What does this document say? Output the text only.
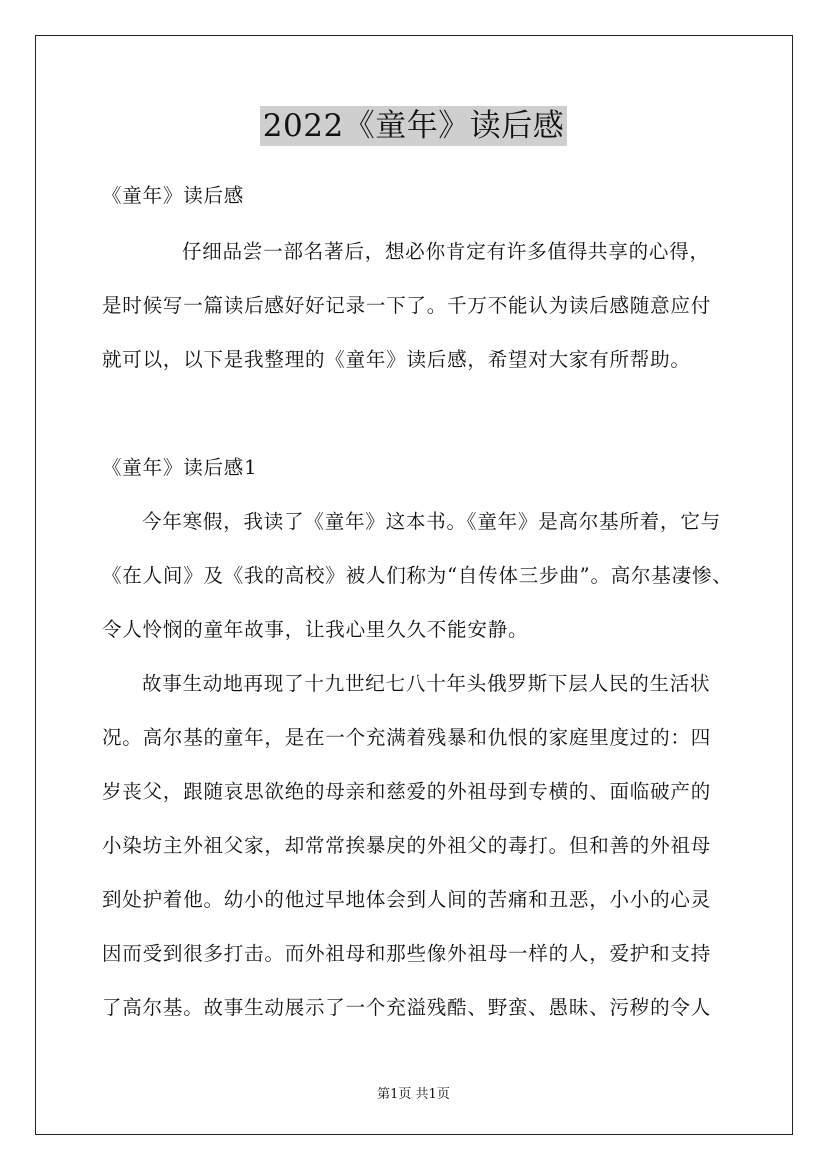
2022《童年》读后感
《童年》读后感
仔细品尝一部名著后，想必你肯定有许多值得共享的心得，
是时候写一篇读后感好好记录一下了。千万不能认为读后感随意应付
就可以，以下是我整理的《童年》读后感，希望对大家有所帮助。
《童年》读后感1
今年寒假，我读了《童年》这本书。《童年》是高尔基所着，它与
《在人间》及《我的高校》被人们称为“自传体三步曲”。高尔基凄惨、
令人怜悯的童年故事，让我心里久久不能安静。
故事生动地再现了十九世纪七八十年头俄罗斯下层人民的生活状
况。高尔基的童年，是在一个充满着残暴和仇恨的家庭里度过的：四
岁丧父，跟随哀思欲绝的母亲和慈爱的外祖母到专横的、面临破产的
小染坊主外祖父家，却常常挨暴戾的外祖父的毒打。但和善的外祖母
到处护着他。幼小的他过早地体会到人间的苦痛和丑恶，小小的心灵
因而受到很多打击。而外祖母和那些像外祖母一样的人，爱护和支持
了高尔基。故事生动展示了一个充溢残酷、野蛮、愚昧、污秽的令人
第1页 共1页
